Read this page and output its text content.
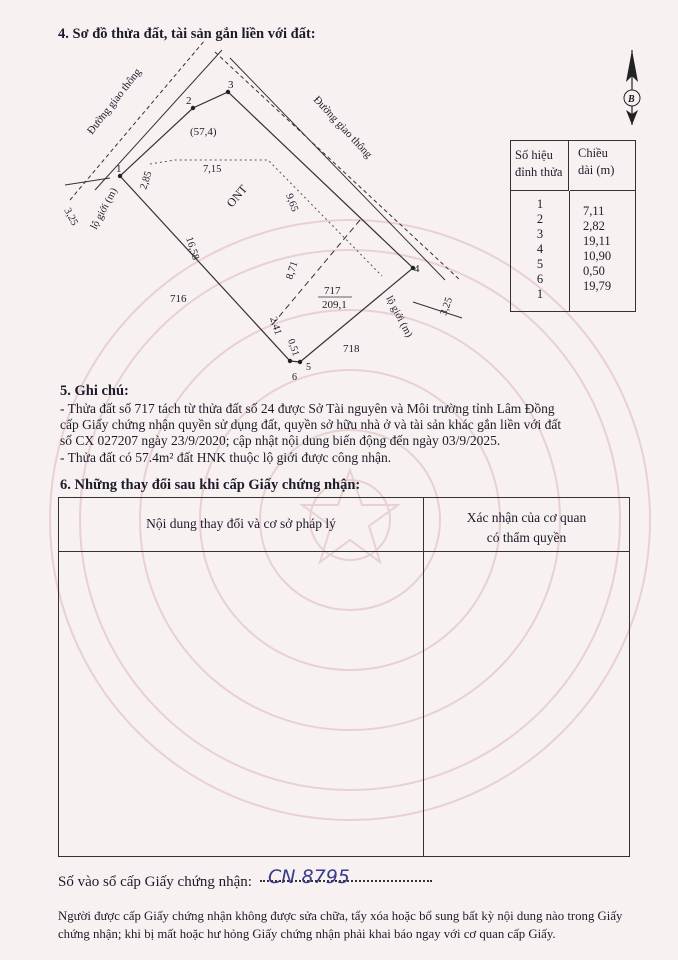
4. Sơ đồ thửa đất, tài sản gắn liền với đất:
Đường giao thông	Đường giao thông
1
2
3
4
5
6
(57,4)
7,15
9,65
16,58
8,71
2,85
2,41
0,51
3,25
3,25
lộ giới (m)
lộ giới (m)
ONT
717
209,1
716
718
B
Số hiệu
đỉnh thửa
Chiều
dài (m)
1
2
3
4
5
6
1
7,11
2,82
19,11
10,90
0,50
19,79
5. Ghi chú:
- Thửa đất số 717 tách từ thửa đất số 24 được Sở Tài nguyên và Môi trường tỉnh Lâm Đồng
cấp Giấy chứng nhận quyền sử dụng đất, quyền sở hữu nhà ở và tài sản khác gắn liền với đất
số CX 027207 ngày 23/9/2020; cập nhật nội dung biến động đến ngày 03/9/2025.
- Thửa đất có 57.4m² đất HNK thuộc lộ giới được công nhận.
6. Những thay đổi sau khi cấp Giấy chứng nhận:
Nội dung thay đổi và cơ sở pháp lý	Xác nhận của cơ quan
có thẩm quyền
Số vào sổ cấp Giấy chứng nhận: CN 8795
Người được cấp Giấy chứng nhận không được sửa chữa, tẩy xóa hoặc bổ sung bất kỳ nội dung nào trong Giấy chứng nhận; khi bị mất hoặc hư hỏng Giấy chứng nhận phải khai báo ngay với cơ quan cấp Giấy.
